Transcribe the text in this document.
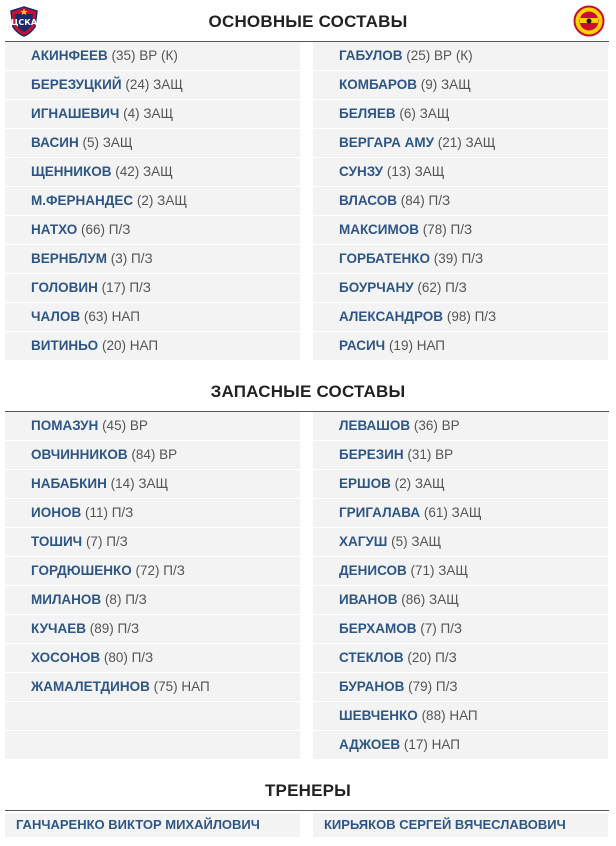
ЦСКА	ОСНОВНЫЕ СОСТАВЫ
АКИНФЕЕВ (35) ВР (К)
БЕРЕЗУЦКИЙ (24) ЗАЩ
ИГНАШЕВИЧ (4) ЗАЩ
ВАСИН (5) ЗАЩ
ЩЕННИКОВ (42) ЗАЩ
М.ФЕРНАНДЕС (2) ЗАЩ
НАТХО (66) П/З
ВЕРНБЛУМ (3) П/З
ГОЛОВИН (17) П/З
ЧАЛОВ (63) НАП
ВИТИНЬО (20) НАП
ГАБУЛОВ (25) ВР (К)
КОМБАРОВ (9) ЗАЩ
БЕЛЯЕВ (6) ЗАЩ
ВЕРГАРА АМУ (21) ЗАЩ
СУНЗУ (13) ЗАЩ
ВЛАСОВ (84) П/З
МАКСИМОВ (78) П/З
ГОРБАТЕНКО (39) П/З
БОУРЧАНУ (62) П/З
АЛЕКСАНДРОВ (98) П/З
РАСИЧ (19) НАП
ЗАПАСНЫЕ СОСТАВЫ
ПОМАЗУН (45) ВР
ОВЧИННИКОВ (84) ВР
НАБАБКИН (14) ЗАЩ
ИОНОВ (11) П/З
ТОШИЧ (7) П/З
ГОРДЮШЕНКО (72) П/З
МИЛАНОВ (8) П/З
КУЧАЕВ (89) П/З
ХОСОНОВ (80) П/З
ЖАМАЛЕТДИНОВ (75) НАП
ЛЕВАШОВ (36) ВР
БЕРЕЗИН (31) ВР
ЕРШОВ (2) ЗАЩ
ГРИГАЛАВА (61) ЗАЩ
ХАГУШ (5) ЗАЩ
ДЕНИСОВ (71) ЗАЩ
ИВАНОВ (86) ЗАЩ
БЕРХАМОВ (7) П/З
СТЕКЛОВ (20) П/З
БУРАНОВ (79) П/З
ШЕВЧЕНКО (88) НАП
АДЖОЕВ (17) НАП
ТРЕНЕРЫ
ГАНЧАРЕНКО ВИКТОР МИХАЙЛОВИЧ	КИРЬЯКОВ СЕРГЕЙ ВЯЧЕСЛАВОВИЧ
